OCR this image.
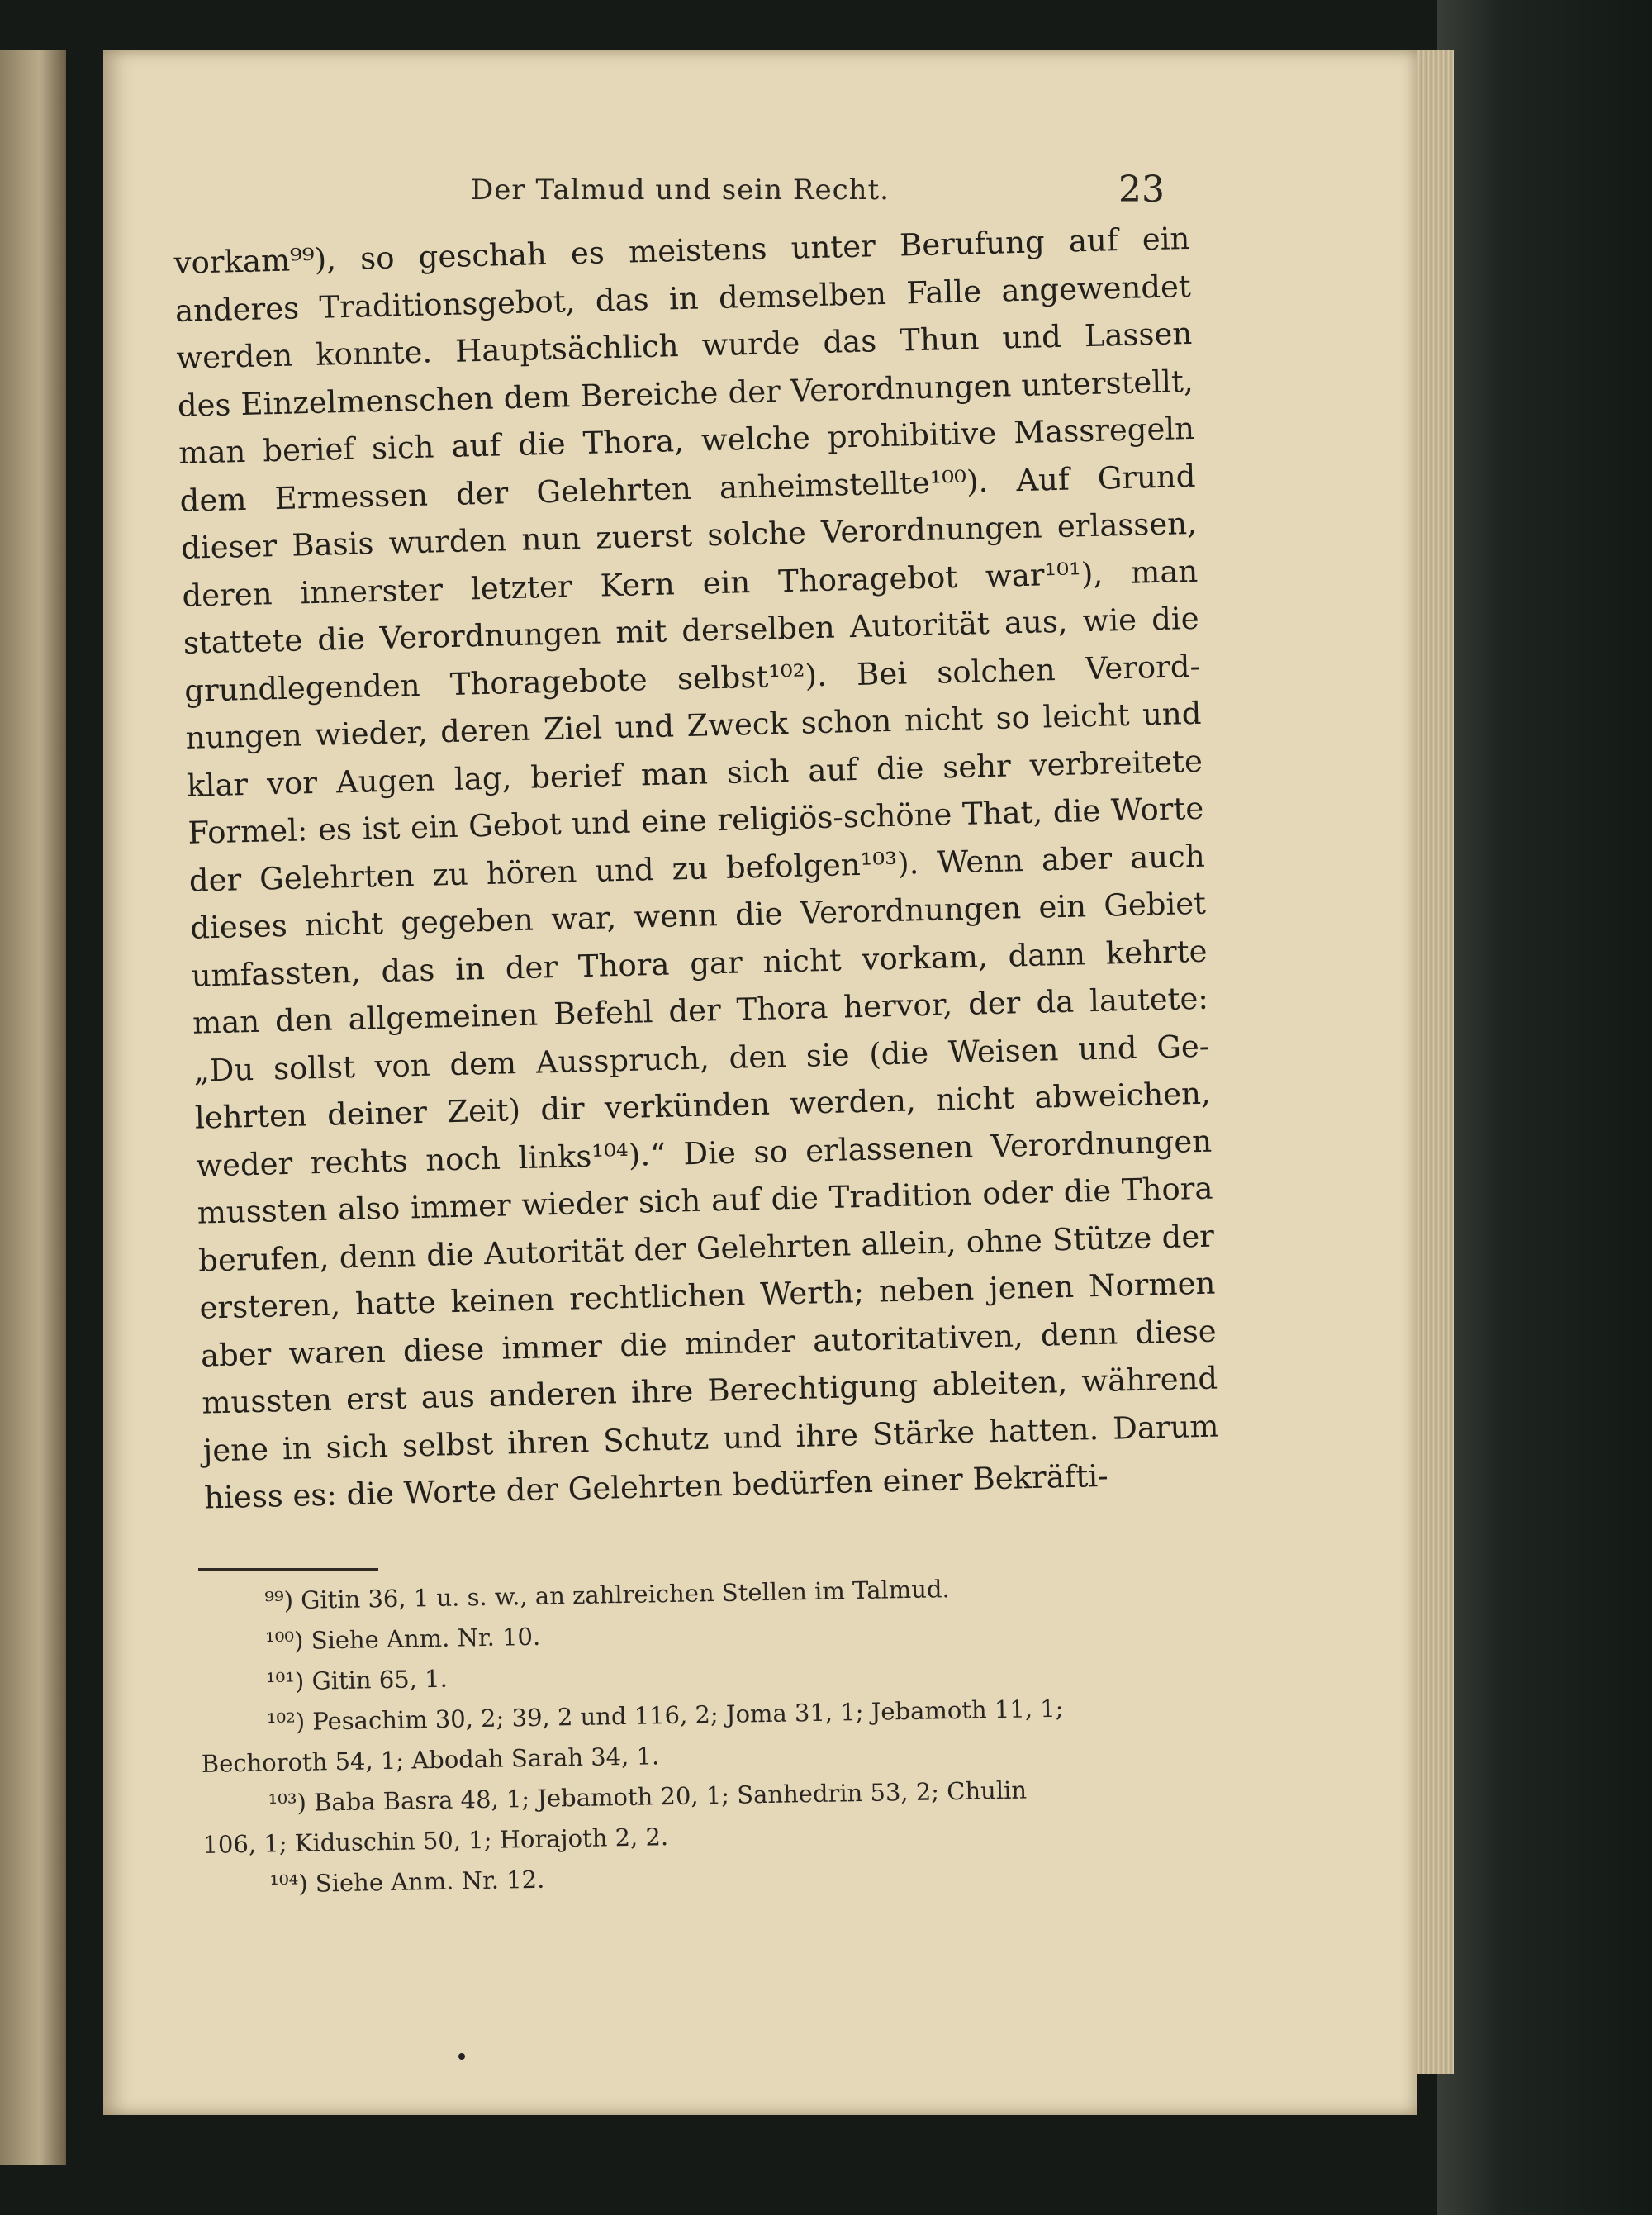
Der Talmud und sein Recht.	23
vorkam⁹⁹), so geschah es meistens unter Berufung auf ein
anderes Traditionsgebot, das in demselben Falle angewendet
werden konnte. Hauptsächlich wurde das Thun und Lassen
des Einzelmenschen dem Bereiche der Verordnungen unterstellt,
man berief sich auf die Thora, welche prohibitive Massregeln
dem Ermessen der Gelehrten anheimstellte¹⁰⁰). Auf Grund
dieser Basis wurden nun zuerst solche Verordnungen erlassen,
deren innerster letzter Kern ein Thoragebot war¹⁰¹), man
stattete die Verordnungen mit derselben Autorität aus, wie die
grundlegenden Thoragebote selbst¹⁰²). Bei solchen Verord-
nungen wieder, deren Ziel und Zweck schon nicht so leicht und
klar vor Augen lag, berief man sich auf die sehr verbreitete
Formel: es ist ein Gebot und eine religiös-schöne That, die Worte
der Gelehrten zu hören und zu befolgen¹⁰³). Wenn aber auch
dieses nicht gegeben war, wenn die Verordnungen ein Gebiet
umfassten, das in der Thora gar nicht vorkam, dann kehrte
man den allgemeinen Befehl der Thora hervor, der da lautete:
„Du sollst von dem Ausspruch, den sie (die Weisen und Ge-
lehrten deiner Zeit) dir verkünden werden, nicht abweichen,
weder rechts noch links¹⁰⁴).“ Die so erlassenen Verordnungen
mussten also immer wieder sich auf die Tradition oder die Thora
berufen, denn die Autorität der Gelehrten allein, ohne Stütze der
ersteren, hatte keinen rechtlichen Werth; neben jenen Normen
aber waren diese immer die minder autoritativen, denn diese
mussten erst aus anderen ihre Berechtigung ableiten, während
jene in sich selbst ihren Schutz und ihre Stärke hatten. Darum
hiess es: die Worte der Gelehrten bedürfen einer Bekräfti-
⁹⁹) Gitin 36, 1 u. s. w., an zahlreichen Stellen im Talmud.
¹⁰⁰) Siehe Anm. Nr. 10.
¹⁰¹) Gitin 65, 1.
¹⁰²) Pesachim 30, 2; 39, 2 und 116, 2; Joma 31, 1; Jebamoth 11, 1;
Bechoroth 54, 1; Abodah Sarah 34, 1.
¹⁰³) Baba Basra 48, 1; Jebamoth 20, 1; Sanhedrin 53, 2; Chulin
106, 1; Kiduschin 50, 1; Horajoth 2, 2.
¹⁰⁴) Siehe Anm. Nr. 12.
